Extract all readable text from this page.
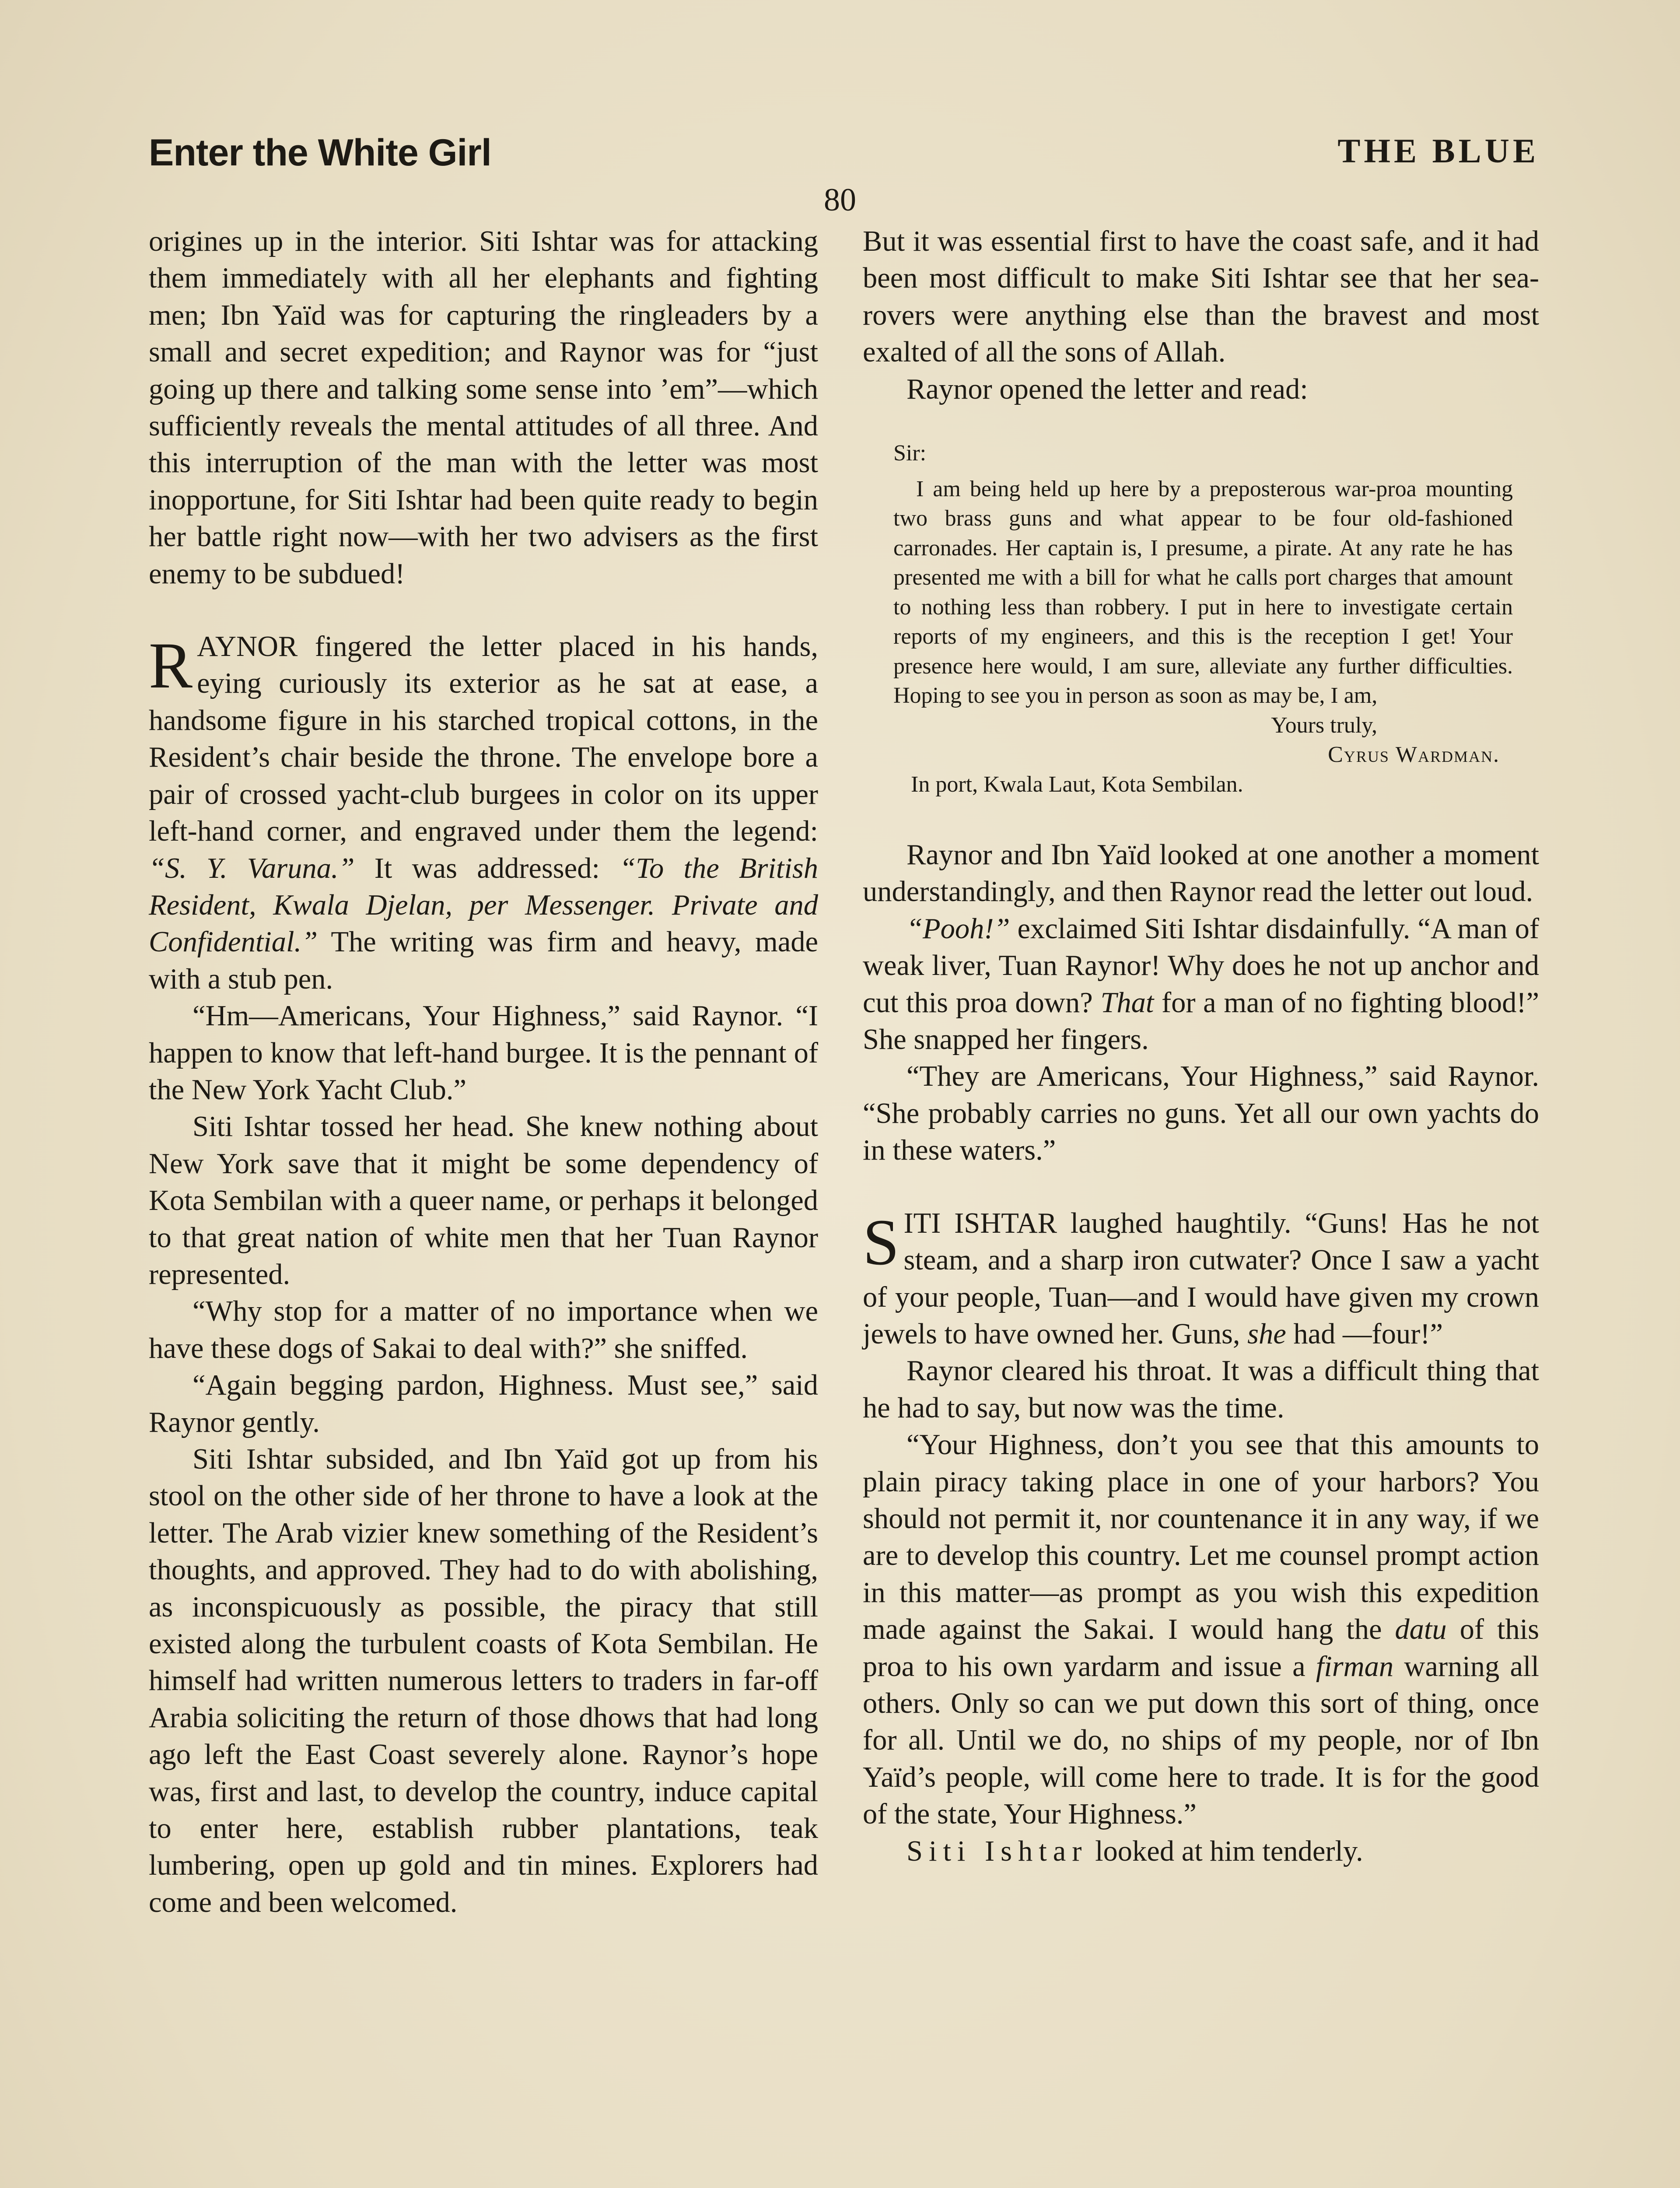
Enter the White Girl	THE BLUE
80

origines up in the interior. Siti Ishtar was for attacking them immediately with all her elephants and fighting men; Ibn Yaïd was for capturing the ringleaders by a small and secret expedition; and Raynor was for “just going up there and talking some sense into ’em”—which sufficiently reveals the mental attitudes of all three. And this interruption of the man with the letter was most inopportune, for Siti Ishtar had been quite ready to begin her battle right now—with her two advisers as the first enemy to be subdued!

RAYNOR fingered the letter placed in his hands, eying curiously its exterior as he sat at ease, a handsome figure in his starched tropical cottons, in the Resident’s chair beside the throne. The envelope bore a pair of crossed yacht-club burgees in color on its upper left-hand corner, and engraved under them the legend: “S. Y. Varuna.” It was addressed: “To the British Resident, Kwala Djelan, per Messenger. Private and Confidential.” The writing was firm and heavy, made with a stub pen.

“Hm—Americans, Your Highness,” said Raynor. “I happen to know that left-hand burgee. It is the pennant of the New York Yacht Club.”

Siti Ishtar tossed her head. She knew nothing about New York save that it might be some dependency of Kota Sembilan with a queer name, or perhaps it belonged to that great nation of white men that her Tuan Raynor represented.

“Why stop for a matter of no importance when we have these dogs of Sakai to deal with?” she sniffed.

“Again begging pardon, Highness. Must see,” said Raynor gently.

Siti Ishtar subsided, and Ibn Yaïd got up from his stool on the other side of her throne to have a look at the letter. The Arab vizier knew something of the Resident’s thoughts, and approved. They had to do with abolishing, as inconspicuously as possible, the piracy that still existed along the turbulent coasts of Kota Sembilan. He himself had written numerous letters to traders in far-off Arabia soliciting the return of those dhows that had long ago left the East Coast severely alone. Raynor’s hope was, first and last, to develop the country, induce capital to enter here, establish rubber plantations, teak lumbering, open up gold and tin mines. Explorers had come and been welcomed.

But it was essential first to have the coast safe, and it had been most difficult to make Siti Ishtar see that her sea-rovers were anything else than the bravest and most exalted of all the sons of Allah.

Raynor opened the letter and read:

Sir:
I am being held up here by a preposterous war-proa mounting two brass guns and what appear to be four old-fashioned carronades. Her captain is, I presume, a pirate. At any rate he has presented me with a bill for what he calls port charges that amount to nothing less than robbery. I put in here to investigate certain reports of my engineers, and this is the reception I get! Your presence here would, I am sure, alleviate any further difficulties. Hoping to see you in person as soon as may be, I am,
Yours truly,
Cyrus Wardman.
In port, Kwala Laut, Kota Sembilan.

Raynor and Ibn Yaïd looked at one another a moment understandingly, and then Raynor read the letter out loud.

“Pooh!” exclaimed Siti Ishtar disdainfully. “A man of weak liver, Tuan Raynor! Why does he not up anchor and cut this proa down? That for a man of no fighting blood!” She snapped her fingers.

“They are Americans, Your Highness,” said Raynor. “She probably carries no guns. Yet all our own yachts do in these waters.”

SITI ISHTAR laughed haughtily. “Guns! Has he not steam, and a sharp iron cutwater? Once I saw a yacht of your people, Tuan—and I would have given my crown jewels to have owned her. Guns, she had —four!”

Raynor cleared his throat. It was a difficult thing that he had to say, but now was the time.

“Your Highness, don’t you see that this amounts to plain piracy taking place in one of your harbors? You should not permit it, nor countenance it in any way, if we are to develop this country. Let me counsel prompt action in this matter—as prompt as you wish this expedition made against the Sakai. I would hang the datu of this proa to his own yardarm and issue a firman warning all others. Only so can we put down this sort of thing, once for all. Until we do, no ships of my people, nor of Ibn Yaïd’s people, will come here to trade. It is for the good of the state, Your Highness.”

Siti Ishtar looked at him tenderly.
